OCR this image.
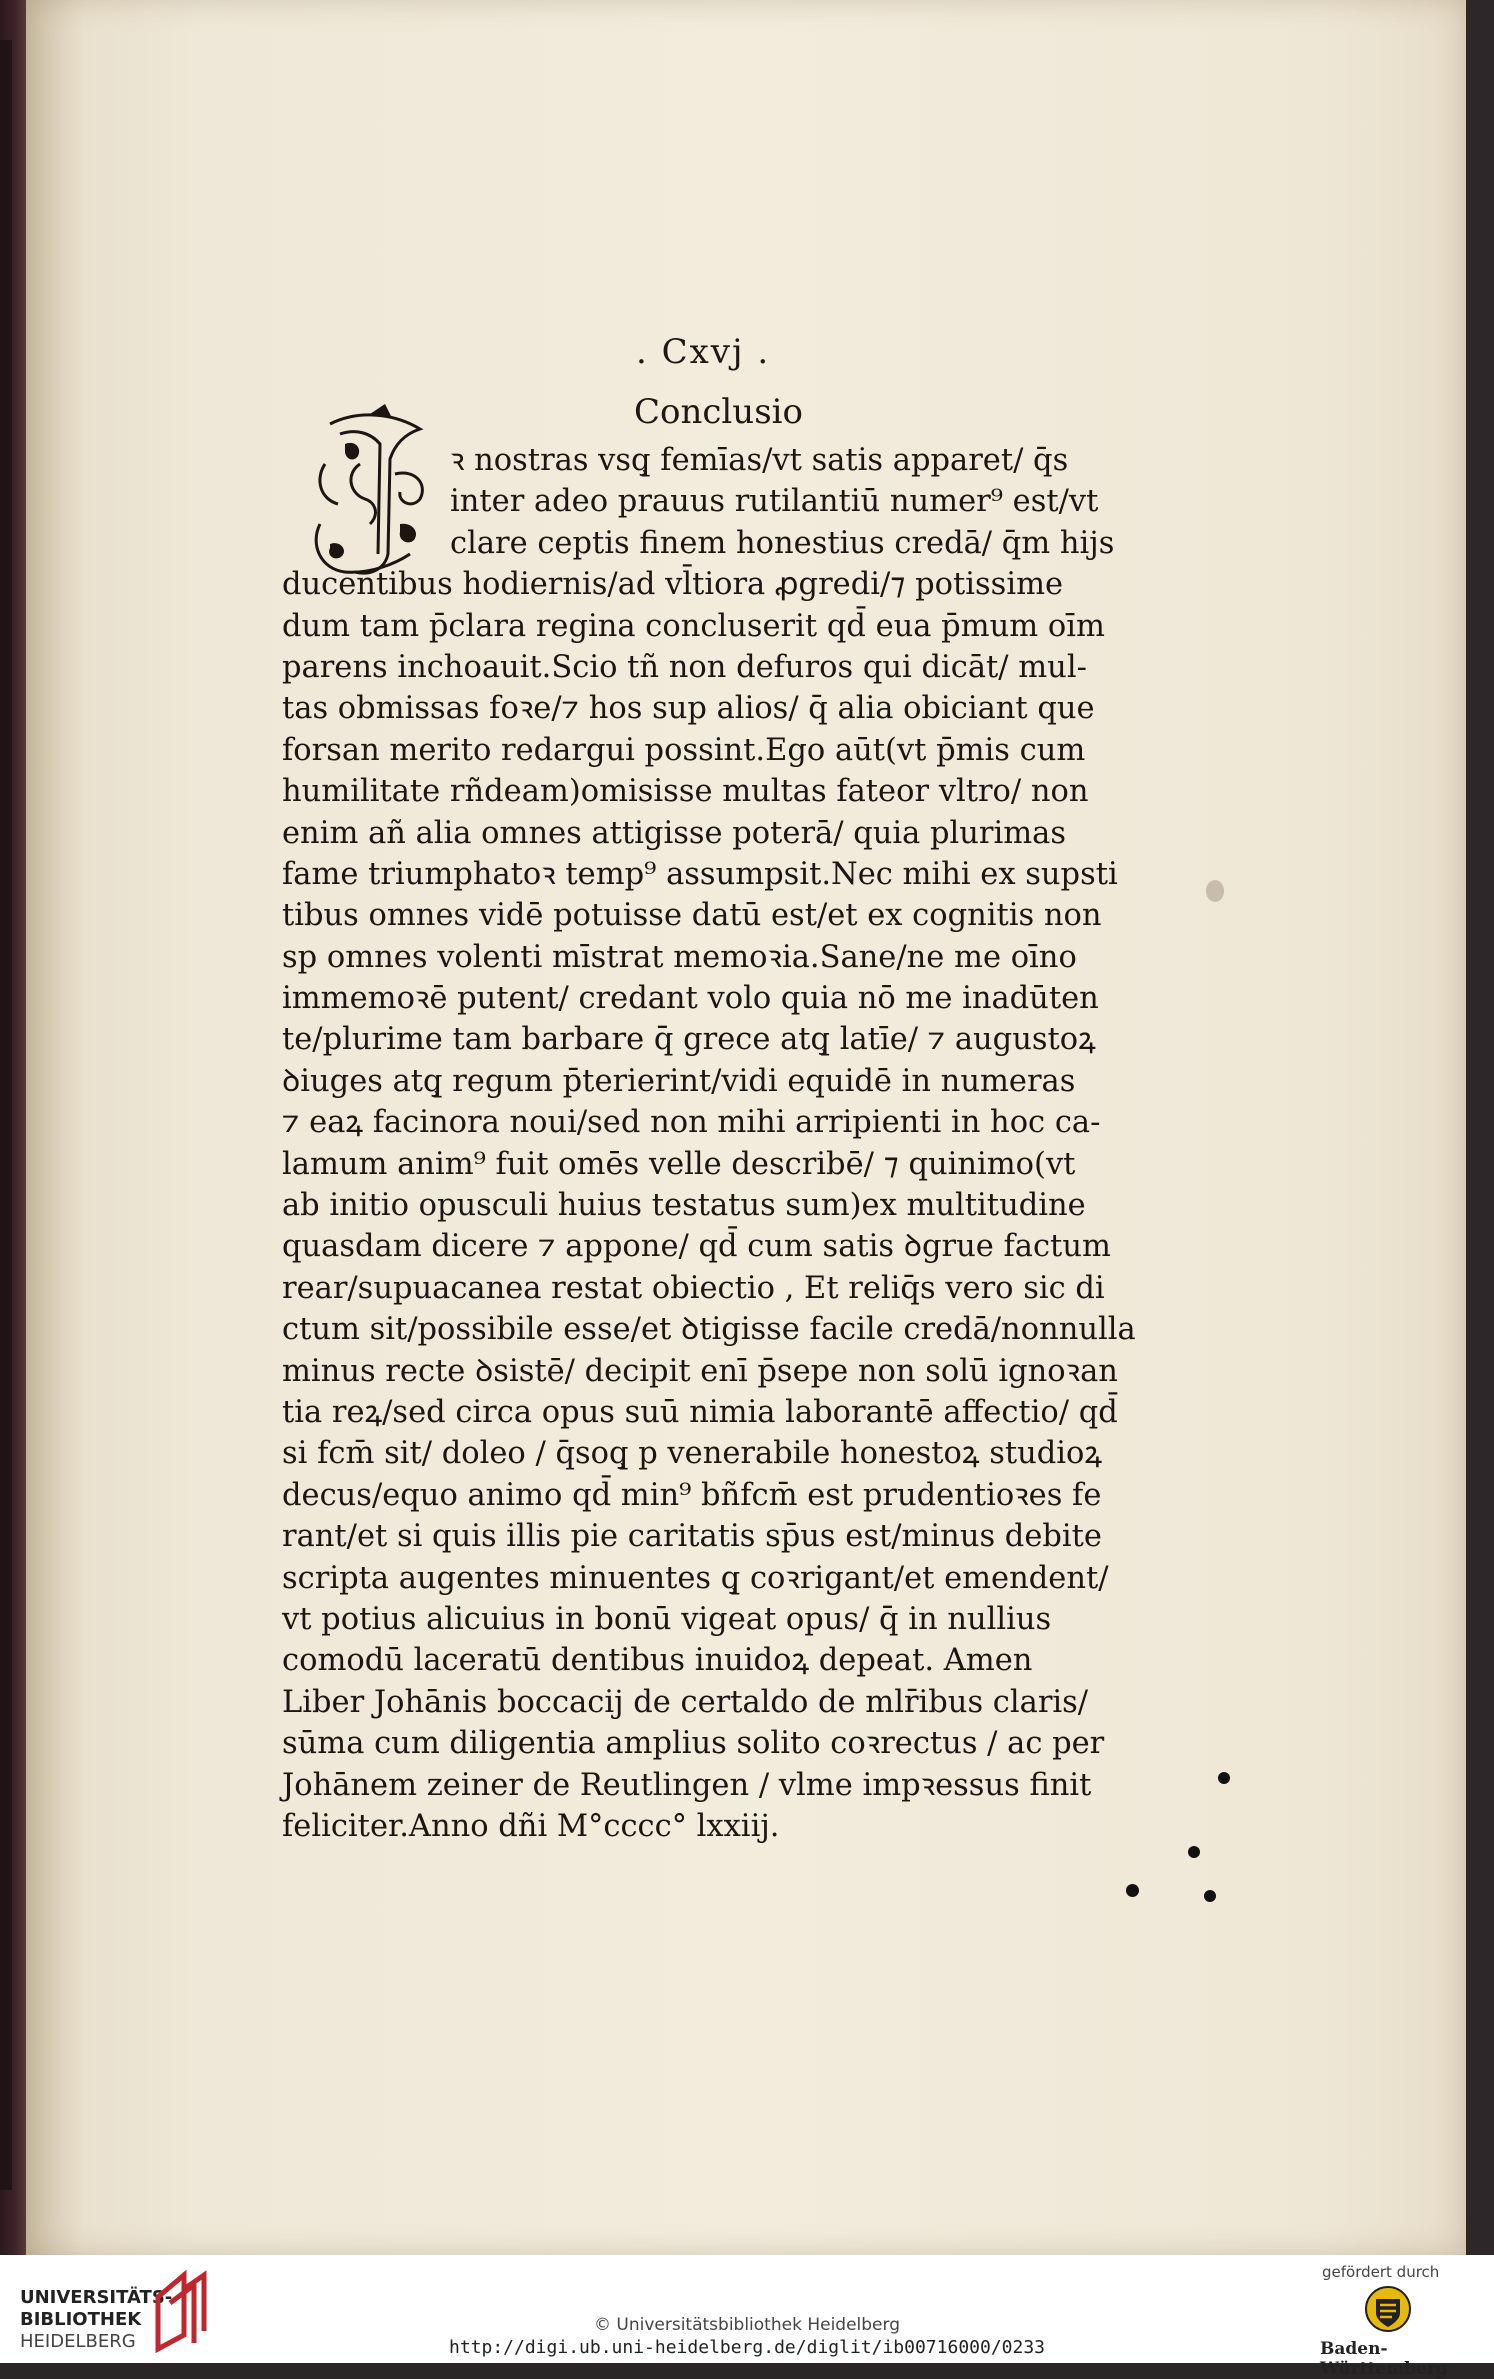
. Cxvj .
Conclusio
ꝛ nostras vsq̧ femīas/vt satis apparet/ q̄s
inter adeo prauus rutilantiū numer⁹ est/vt
clare ceptis finem honestius credā/ q̄m hijs
ducentibus hodiernis/ad vl̄tiora ꝓgredi/⁊ potissime
dum tam p̄clara regina concluserit qd̄ eua p̄mum oīm
parens inchoauit.Scio tñ non defuros qui dicāt/ mul-
tas obmissas foꝛe/⁊ hos sup alios/ q̄ alia obiciant que
forsan merito redargui possint.Ego aūt(vt p̄mis cum
humilitate rñdeam)omisisse multas fateor vltro/ non
enim añ alia omnes attigisse poterā/ quia plurimas
fame triumphatoꝛ temp⁹ assumpsit.Nec mihi ex supsti
tibus omnes vidē potuisse datū est/et ex cognitis non
sp omnes volenti mīstrat memoꝛia.Sane/ne me oīno
immemoꝛē putent/ credant volo quia nō me inadūten
te/plurime tam barbare q̄̄ grece atq̧ latīe/ ⁊ augustoꝝ
ꝺiuges atq̧ regum p̄terierint/vidi equidē in numeras
⁊ eaꝝ facinora noui/sed non mihi arripienti in hoc ca-
lamum anim⁹ fuit omēs velle describē/ ⁊ quinimo(vt
ab initio opusculi huius testatus sum)ex multitudine
quasdam dicere ⁊ appone/ qd̄ cum satis ꝺgrue factum
rear/supuacanea restat obiectio , Et reliq̄s vero sic di
ctum sit/possibile esse/et ꝺtigisse facile credā/nonnulla
minus recte ꝺsistē/ decipit enī p̄sepe non solū ignoꝛan
tia reꝝ/sed circa opus suū nimia laborantē affectio/ qd̄
si fcm̄ sit/ doleo / q̄soq̧ p venerabile honestoꝝ studioꝝ
decus/equo animo qd̄ min⁹ bñfcm̄ est prudentioꝛes fe
rant/et si quis illis pie caritatis sp̄us est/minus debite
scripta augentes minuentes q̧ coꝛrigant/et emendent/
vt potius alicuius in bonū vigeat opus/ q̄̄ in nullius
comodū laceratū dentibus inuidoꝝ depeat. Amen
Liber Johānis boccacij de certaldo de mlr̄ibus claris/
sūma cum diligentia amplius solito coꝛrectus / ac per
Johānem zeiner de Reutlingen / vlme impꝛessus finit
feliciter.Anno dñi M°cccc° lxxiij.
UNIVERSITÄTS-
BIBLIOTHEK
HEIDELBERG
© Universitätsbibliothek Heidelberg
http://digi.ub.uni-heidelberg.de/diglit/ib00716000/0233
gefördert durch
Baden-Württemberg
